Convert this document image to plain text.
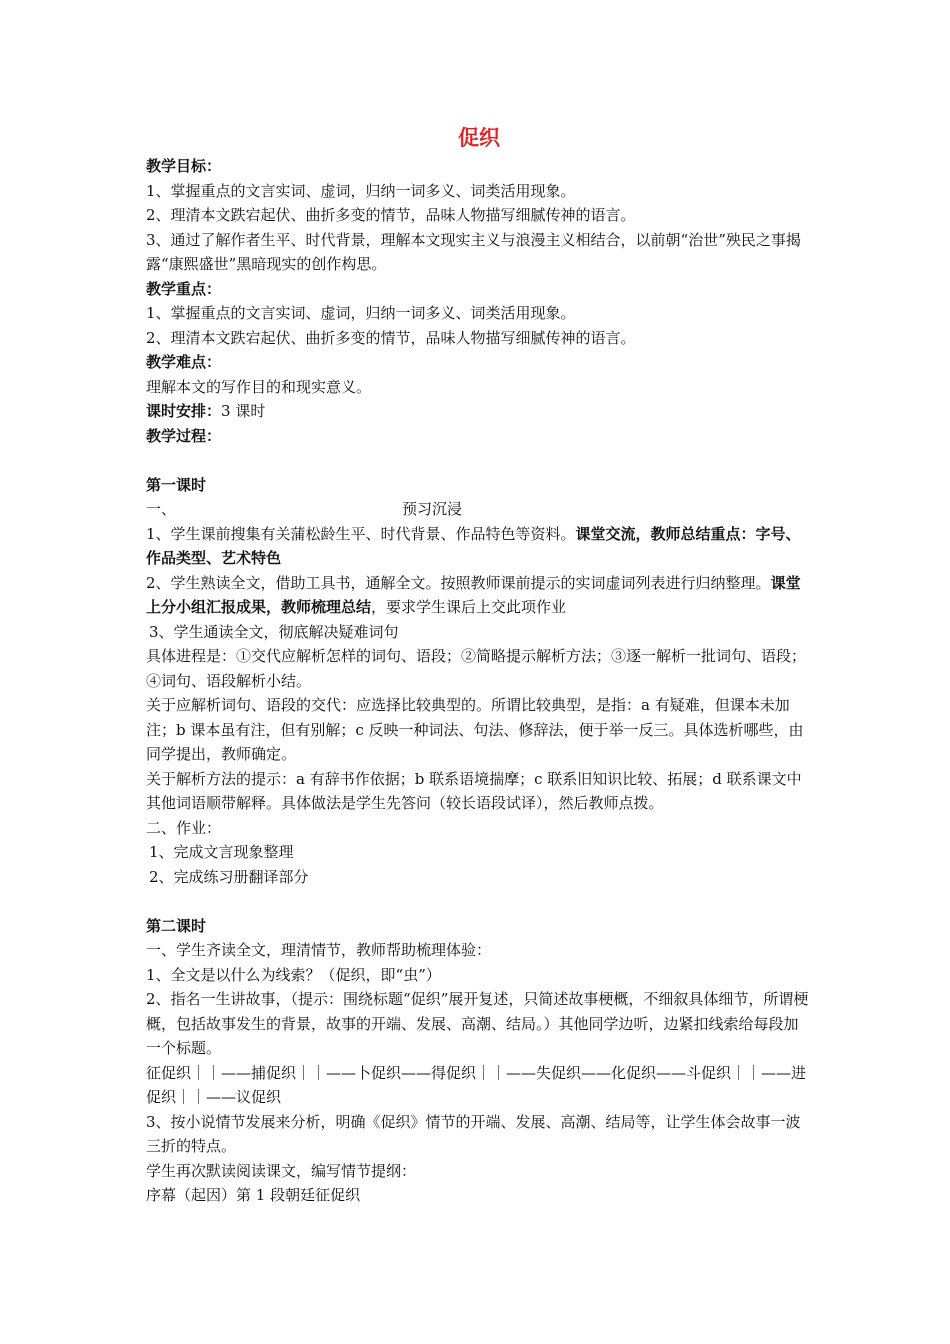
促织

教学目标：

1、掌握重点的文言实词、虚词，归纳一词多义、词类活用现象。

2、理清本文跌宕起伏、曲折多变的情节，品味人物描写细腻传神的语言。

3、通过了解作者生平、时代背景，理解本文现实主义与浪漫主义相结合，以前朝“治世”殃民之事揭露“康熙盛世”黑暗现实的创作构思。

教学重点：

1、掌握重点的文言实词、虚词，归纳一词多义、词类活用现象。

2、理清本文跌宕起伏、曲折多变的情节，品味人物描写细腻传神的语言。

教学难点：

理解本文的写作目的和现实意义。

课时安排：3 课时

教学过程：

第一课时

一、	预习沉浸

1、学生课前搜集有关蒲松龄生平、时代背景、作品特色等资料。课堂交流，教师总结重点：字号、作品类型、艺术特色

2、学生熟读全文，借助工具书，通解全文。按照教师课前提示的实词虚词列表进行归纳整理。课堂上分小组汇报成果，教师梳理总结，要求学生课后上交此项作业

3、学生通读全文，彻底解决疑难词句

具体进程是：①交代应解析怎样的词句、语段；②简略提示解析方法；③逐一解析一批词句、语段；④词句、语段解析小结。

关于应解析词句、语段的交代：应选择比较典型的。所谓比较典型，是指：a 有疑难，但课本未加注；b 课本虽有注，但有别解；c 反映一种词法、句法、修辞法，便于举一反三。具体选析哪些，由同学提出，教师确定。

关于解析方法的提示：a 有辞书作依据；b 联系语境揣摩；c 联系旧知识比较、拓展；d 联系课文中其他词语顺带解释。具体做法是学生先答问（较长语段试译），然后教师点拨。

二、作业：

1、完成文言现象整理

2、完成练习册翻译部分

第二课时

一、学生齐读全文，理清情节，教师帮助梳理体验：

1、全文是以什么为线索？（促织，即“虫”）

2、指名一生讲故事，（提示：围绕标题“促织”展开复述，只简述故事梗概，不细叙具体细节，所谓梗概，包括故事发生的背景，故事的开端、发展、高潮、结局。）其他同学边听，边紧扣线索给每段加一个标题。

征促织｜｜——捕促织｜｜——卜促织——得促织｜｜——失促织——化促织——斗促织｜｜——进促织｜｜——议促织

3、按小说情节发展来分析，明确《促织》情节的开端、发展、高潮、结局等，让学生体会故事一波三折的特点。

学生再次默读阅读课文，编写情节提纲：

序幕（起因）第 1 段朝廷征促织
